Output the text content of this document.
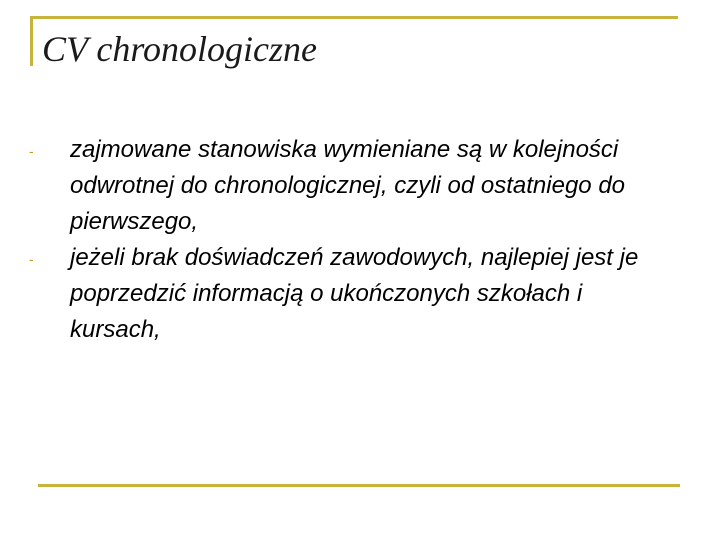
CV chronologiczne
- zajmowane stanowiska wymieniane są w kolejności odwrotnej do chronologicznej, czyli od ostatniego do pierwszego,
- jeżeli brak doświadczeń zawodowych, najlepiej jest je poprzedzić informacją o ukończonych szkołach i kursach,
